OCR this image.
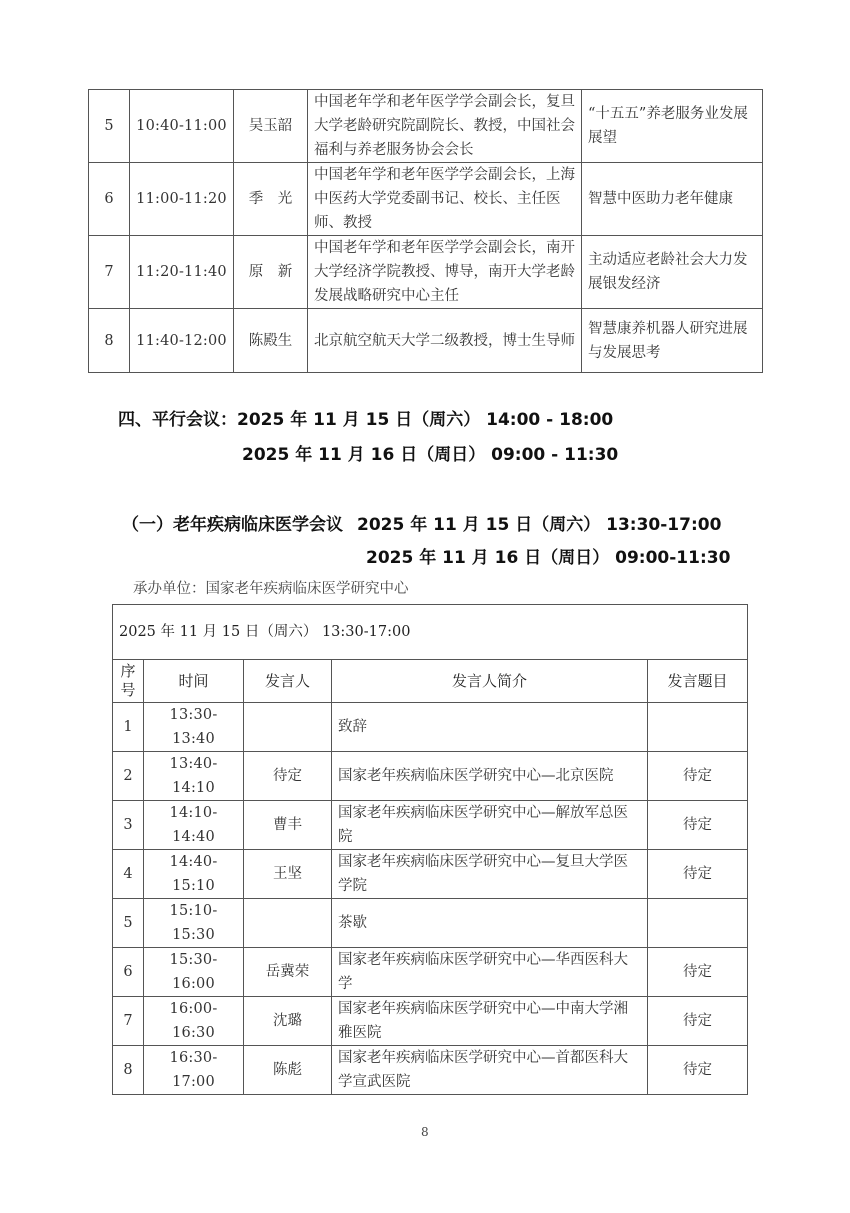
5	10:40-11:00	吴玉韶	中国老年学和老年医学学会副会长，复旦大学老龄研究院副院长、教授，中国社会福利与养老服务协会会长	“十五五”养老服务业发展展望
6	11:00-11:20	季　光	中国老年学和老年医学学会副会长，上海中医药大学党委副书记、校长、主任医师、教授	智慧中医助力老年健康
7	11:20-11:40	原　新	中国老年学和老年医学学会副会长，南开大学经济学院教授、博导，南开大学老龄发展战略研究中心主任	主动适应老龄社会大力发展银发经济
8	11:40-12:00	陈殿生	北京航空航天大学二级教授，博士生导师	智慧康养机器人研究进展与发展思考
四、平行会议：2025 年 11 月 15 日（周六） 14:00 - 18:00
2025 年 11 月 16 日（周日） 09:00 - 11:30
（一）老年疾病临床医学会议 2025 年 11 月 15 日（周六） 13:30-17:00
2025 年 11 月 16 日（周日） 09:00-11:30
承办单位：国家老年疾病临床医学研究中心
2025 年 11 月 15 日（周六） 13:30-17:00				
序号	时间	发言人	发言人简介	发言题目
1	13:30-13:40		致辞	
2	13:40-14:10	待定	国家老年疾病临床医学研究中心—北京医院	待定
3	14:10-14:40	曹丰	国家老年疾病临床医学研究中心—解放军总医院	待定
4	14:40-15:10	王坚	国家老年疾病临床医学研究中心—复旦大学医学院	待定
5	15:10-15:30		茶歇	
6	15:30-16:00	岳冀荣	国家老年疾病临床医学研究中心—华西医科大学	待定
7	16:00-16:30	沈璐	国家老年疾病临床医学研究中心—中南大学湘雅医院	待定
8	16:30-17:00	陈彪	国家老年疾病临床医学研究中心—首都医科大学宣武医院	待定
8
